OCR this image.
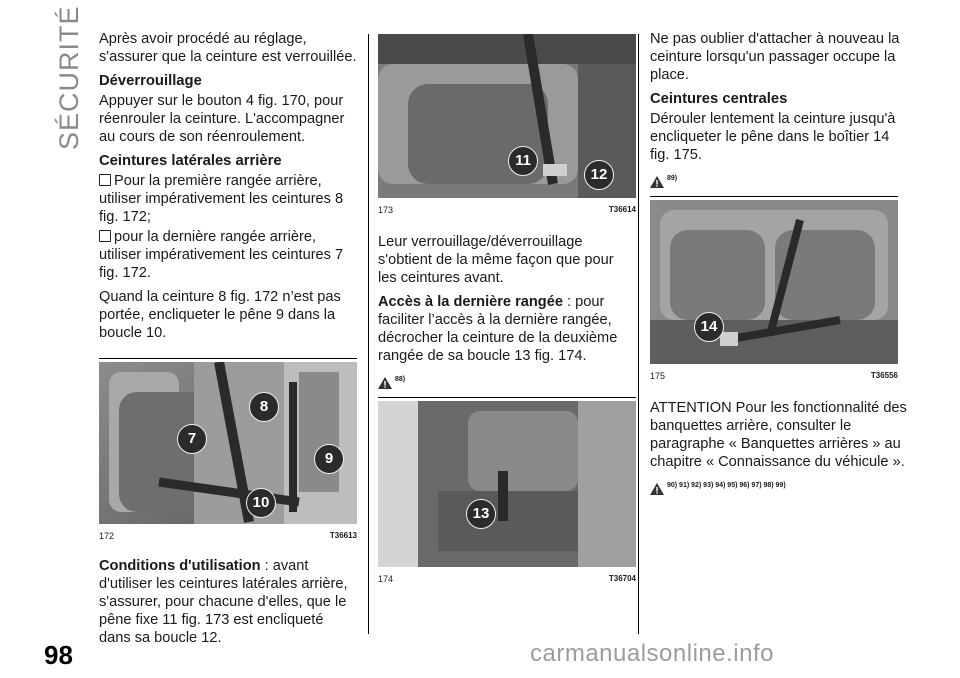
SÉCURITÉ
98	carmanualsonline.info

Après avoir procédé au réglage, s'assurer que la ceinture est verrouillée.

Déverrouillage

Appuyer sur le bouton 4 fig. 170, pour réenrouler la ceinture. L'accompagner au cours de son réenroulement.

Ceintures latérales arrière

Pour la première rangée arrière, utiliser impérativement les ceintures 8 fig. 172;

pour la dernière rangée arrière, utiliser impérativement les ceintures 7 fig. 172.

Quand la ceinture 8 fig. 172 n’est pas portée, encliqueter le pêne 9 dans la boucle 10.

8
7
9
10
172	T36613

Conditions d'utilisation : avant d'utiliser les ceintures latérales arrière, s'assurer, pour chacune d'elles, que le pêne fixe 11 fig. 173 est encliqueté dans sa boucle 12.

11
12
173	T36614

Leur verrouillage/déverrouillage s'obtient de la même façon que pour les ceintures avant.

Accès à la dernière rangée : pour faciliter l’accès à la dernière rangée, décrocher la ceinture de la deuxième rangée de sa boucle 13 fig. 174.

88)
13
174	T36704

Ne pas oublier d'attacher à nouveau la ceinture lorsqu'un passager occupe la place.

Ceintures centrales

Dérouler lentement la ceinture jusqu'à encliqueter le pêne dans le boîtier 14 fig. 175.

89)
14
175	T36556

ATTENTION Pour les fonctionnalité des banquettes arrière, consulter le paragraphe « Banquettes arrières » au chapitre « Connaissance du véhicule ».

90) 91) 92) 93) 94) 95) 96) 97) 98) 99)
